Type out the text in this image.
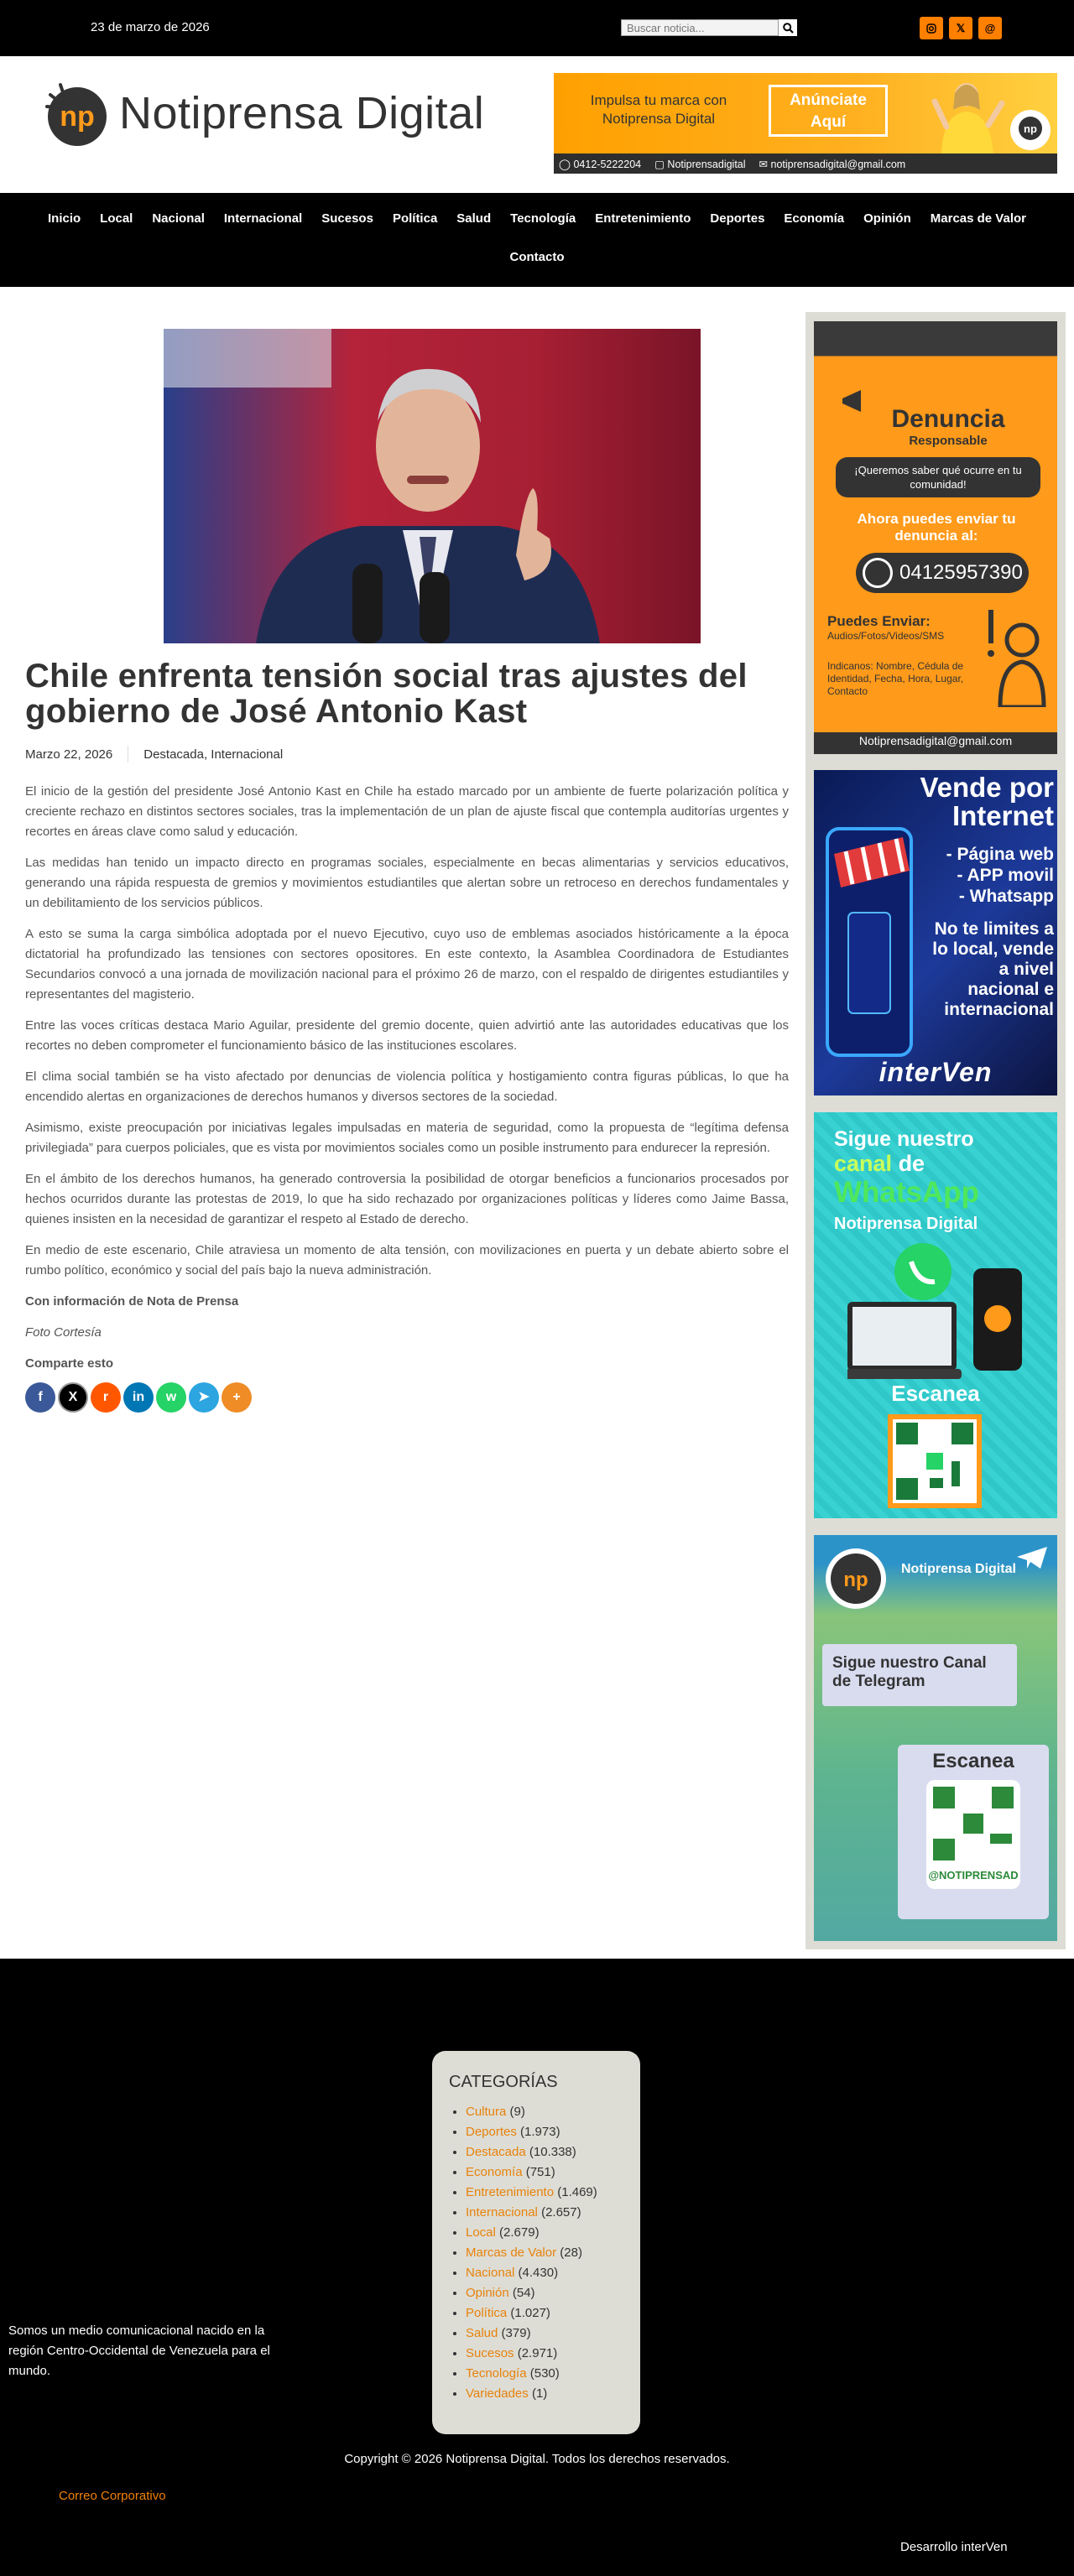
23 de marzo de 2026
Buscar noticia...	𝕏	@
np Notiprensa Digital	Impulsa tu marca con Notiprensa Digital
Anúnciate Aquí	np
◯ 0412-5222204 ▢ Notiprensadigital ✉ notiprensadigital@gmail.com
Inicio Local Nacional Internacional Sucesos Política Salud Tecnología Entretenimiento Deportes Economía Opinión Marcas de Valor
Contacto
Chile enfrenta tensión social tras ajustes del gobierno de José Antonio Kast
Marzo 22, 2026 Destacada, Internacional

El inicio de la gestión del presidente José Antonio Kast en Chile ha estado marcado por un ambiente de fuerte polarización política y creciente rechazo en distintos sectores sociales, tras la implementación de un plan de ajuste fiscal que contempla auditorías urgentes y recortes en áreas clave como salud y educación.

Las medidas han tenido un impacto directo en programas sociales, especialmente en becas alimentarias y servicios educativos, generando una rápida respuesta de gremios y movimientos estudiantiles que alertan sobre un retroceso en derechos fundamentales y un debilitamiento de los servicios públicos.

A esto se suma la carga simbólica adoptada por el nuevo Ejecutivo, cuyo uso de emblemas asociados históricamente a la época dictatorial ha profundizado las tensiones con sectores opositores. En este contexto, la Asamblea Coordinadora de Estudiantes Secundarios convocó a una jornada de movilización nacional para el próximo 26 de marzo, con el respaldo de dirigentes estudiantiles y representantes del magisterio.

Entre las voces críticas destaca Mario Aguilar, presidente del gremio docente, quien advirtió ante las autoridades educativas que los recortes no deben comprometer el funcionamiento básico de las instituciones escolares.

El clima social también se ha visto afectado por denuncias de violencia política y hostigamiento contra figuras públicas, lo que ha encendido alertas en organizaciones de derechos humanos y diversos sectores de la sociedad.

Asimismo, existe preocupación por iniciativas legales impulsadas en materia de seguridad, como la propuesta de “legítima defensa privilegiada” para cuerpos policiales, que es vista por movimientos sociales como un posible instrumento para endurecer la represión.

En el ámbito de los derechos humanos, ha generado controversia la posibilidad de otorgar beneficios a funcionarios procesados por hechos ocurridos durante las protestas de 2019, lo que ha sido rechazado por organizaciones políticas y líderes como Jaime Bassa, quienes insisten en la necesidad de garantizar el respeto al Estado de derecho.

En medio de este escenario, Chile atraviesa un momento de alta tensión, con movilizaciones en puerta y un debate abierto sobre el rumbo político, económico y social del país bajo la nueva administración.

Con información de Nota de Prensa

Foto Cortesía

Comparte esto
f	X	r	in	w	➤	+
Denuncia
Responsable
¡Queremos saber qué ocurre en tu comunidad!
Ahora puedes enviar tu denuncia al:
04125957390
Puedes Enviar:
Audios/Fotos/Videos/SMS
Indicanos: Nombre, Cédula de Identidad, Fecha, Hora, Lugar, Contacto
Notiprensadigital@gmail.com
Vende por Internet
- Página web
- APP movil
- Whatsapp
No te limites a lo local, vende a nivel nacional e internacional
interVen
Sigue nuestro
canal de
WhatsApp
Notiprensa Digital
Escanea
np Notiprensa Digital
Sigue nuestro Canal de Telegram
Escanea
@NOTIPRENSAD
CATEGORÍAS
• Cultura (9)
• Deportes (1.973)
• Destacada (10.338)
• Economía (751)
• Entretenimiento (1.469)
• Internacional (2.657)
• Local (2.679)
• Marcas de Valor (28)
• Nacional (4.430)
• Opinión (54)
• Política (1.027)
• Salud (379)
• Sucesos (2.971)
• Tecnología (530)
• Variedades (1)
Somos un medio comunicacional nacido en la región Centro-Occidental de Venezuela para el mundo.
Copyright © 2026 Notiprensa Digital. Todos los derechos reservados.
Correo Corporativo
Desarrollo interVen
